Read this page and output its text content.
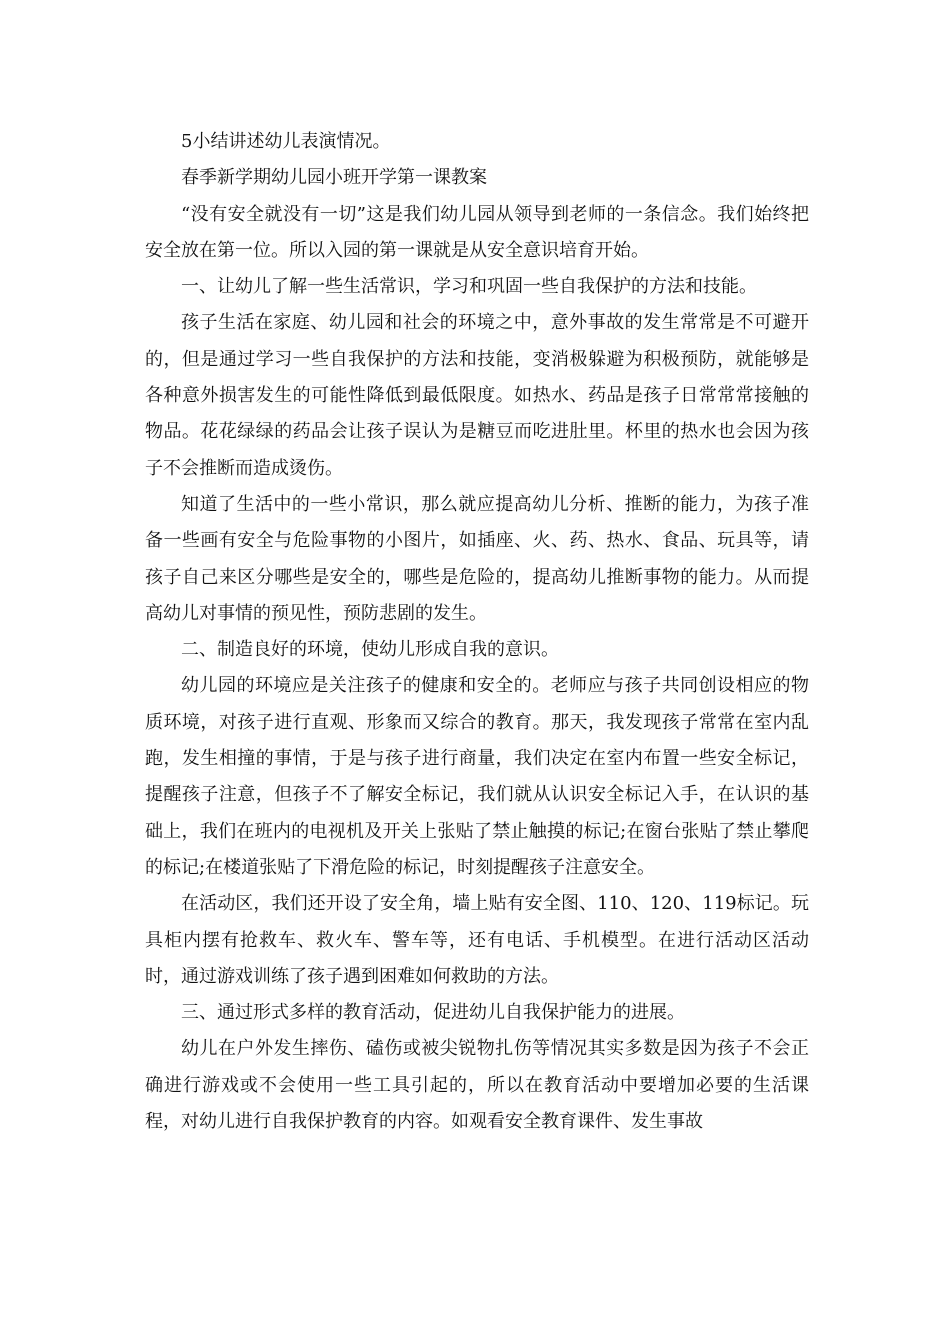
5小结讲述幼儿表演情况。

春季新学期幼儿园小班开学第一课教案

“没有安全就没有一切”这是我们幼儿园从领导到老师的一条信念。我们始终把安全放在第一位。所以入园的第一课就是从安全意识培育开始。

一、让幼儿了解一些生活常识，学习和巩固一些自我保护的方法和技能。

孩子生活在家庭、幼儿园和社会的环境之中，意外事故的发生常常是不可避开的，但是通过学习一些自我保护的方法和技能，变消极躲避为积极预防，就能够是各种意外损害发生的可能性降低到最低限度。如热水、药品是孩子日常常常接触的物品。花花绿绿的药品会让孩子误认为是糖豆而吃进肚里。杯里的热水也会因为孩子不会推断而造成烫伤。

知道了生活中的一些小常识，那么就应提高幼儿分析、推断的能力，为孩子准备一些画有安全与危险事物的小图片，如插座、火、药、热水、食品、玩具等，请孩子自己来区分哪些是安全的，哪些是危险的，提高幼儿推断事物的能力。从而提高幼儿对事情的预见性，预防悲剧的发生。

二、制造良好的环境，使幼儿形成自我的意识。

幼儿园的环境应是关注孩子的健康和安全的。老师应与孩子共同创设相应的物质环境，对孩子进行直观、形象而又综合的教育。那天，我发现孩子常常在室内乱跑，发生相撞的事情，于是与孩子进行商量，我们决定在室内布置一些安全标记，提醒孩子注意，但孩子不了解安全标记，我们就从认识安全标记入手，在认识的基础上，我们在班内的电视机及开关上张贴了禁止触摸的标记;在窗台张贴了禁止攀爬的标记;在楼道张贴了下滑危险的标记，时刻提醒孩子注意安全。

在活动区，我们还开设了安全角，墙上贴有安全图、110、120、119标记。玩具柜内摆有抢救车、救火车、警车等，还有电话、手机模型。在进行活动区活动时，通过游戏训练了孩子遇到困难如何救助的方法。

三、通过形式多样的教育活动，促进幼儿自我保护能力的进展。

幼儿在户外发生摔伤、磕伤或被尖锐物扎伤等情况其实多数是因为孩子不会正确进行游戏或不会使用一些工具引起的，所以在教育活动中要增加必要的生活课程，对幼儿进行自我保护教育的内容。如观看安全教育课件、发生事故
